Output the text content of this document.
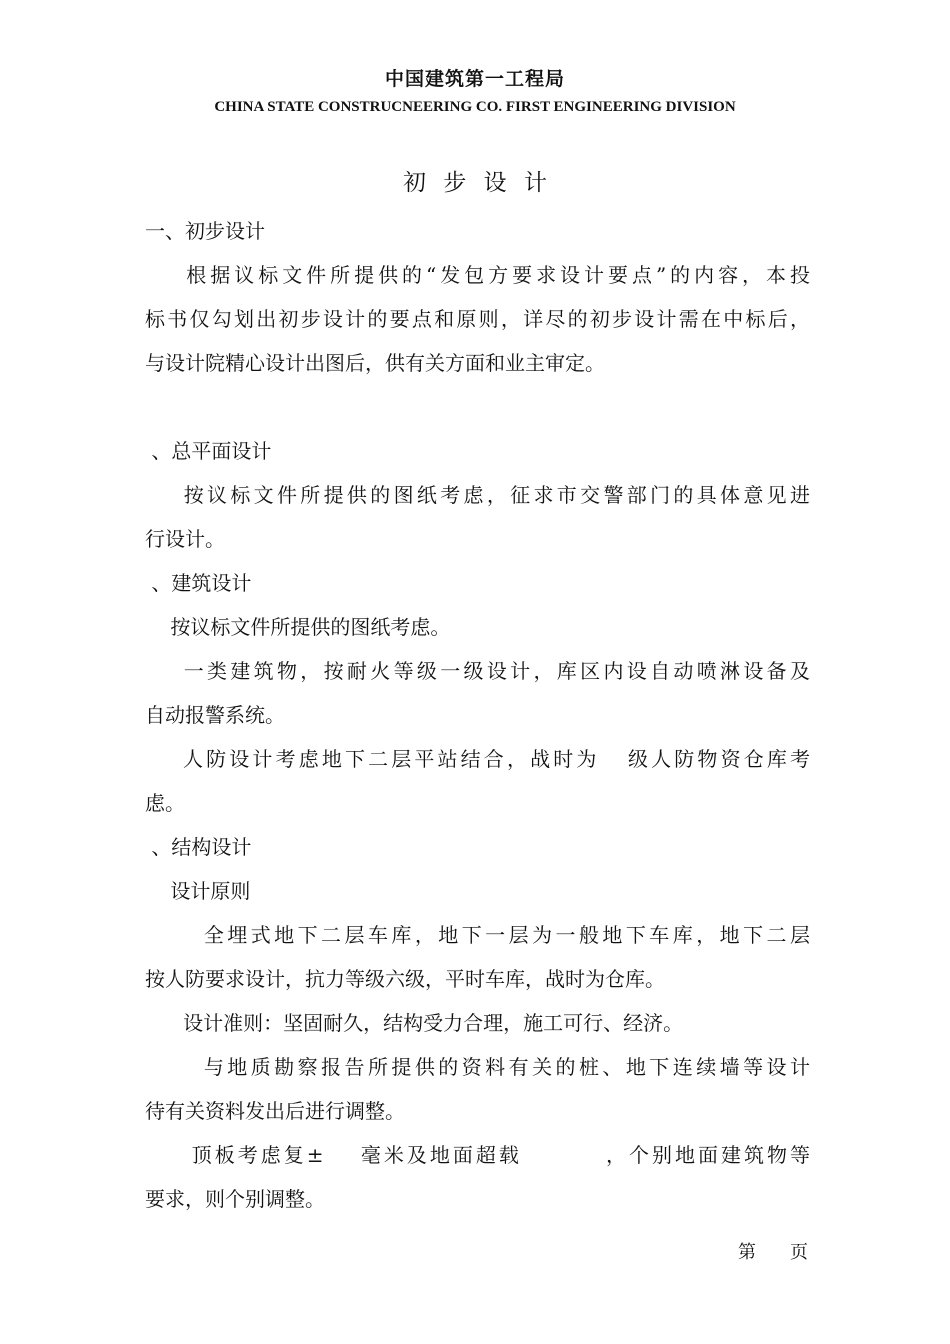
中国建筑第一工程局
CHINA STATE CONSTRUCNEERING CO. FIRST ENGINEERING DIVISION
初 步 设 计
一、初步设计
根据议标文件所提供的“发包方要求设计要点”的内容，本投
标书仅勾划出初步设计的要点和原则，详尽的初步设计需在中标后，
与设计院精心设计出图后，供有关方面和业主审定。
、总平面设计
按议标文件所提供的图纸考虑，征求市交警部门的具体意见进
行设计。
、建筑设计
按议标文件所提供的图纸考虑。
一类建筑物，按耐火等级一级设计，库区内设自动喷淋设备及
自动报警系统。
人防设计考虑地下二层平站结合，战时为   级人防物资仓库考
虑。
、结构设计
设计原则
全埋式地下二层车库，地下一层为一般地下车库，地下二层
按人防要求设计，抗力等级六级，平时车库，战时为仓库。
设计准则：坚固耐久，结构受力合理，施工可行、经济。
与地质勘察报告所提供的资料有关的桩、地下连续墙等设计
待有关资料发出后进行调整。
顶板考虑复±    毫米及地面超载         ，个别地面建筑物等
要求，则个别调整。
第 页
